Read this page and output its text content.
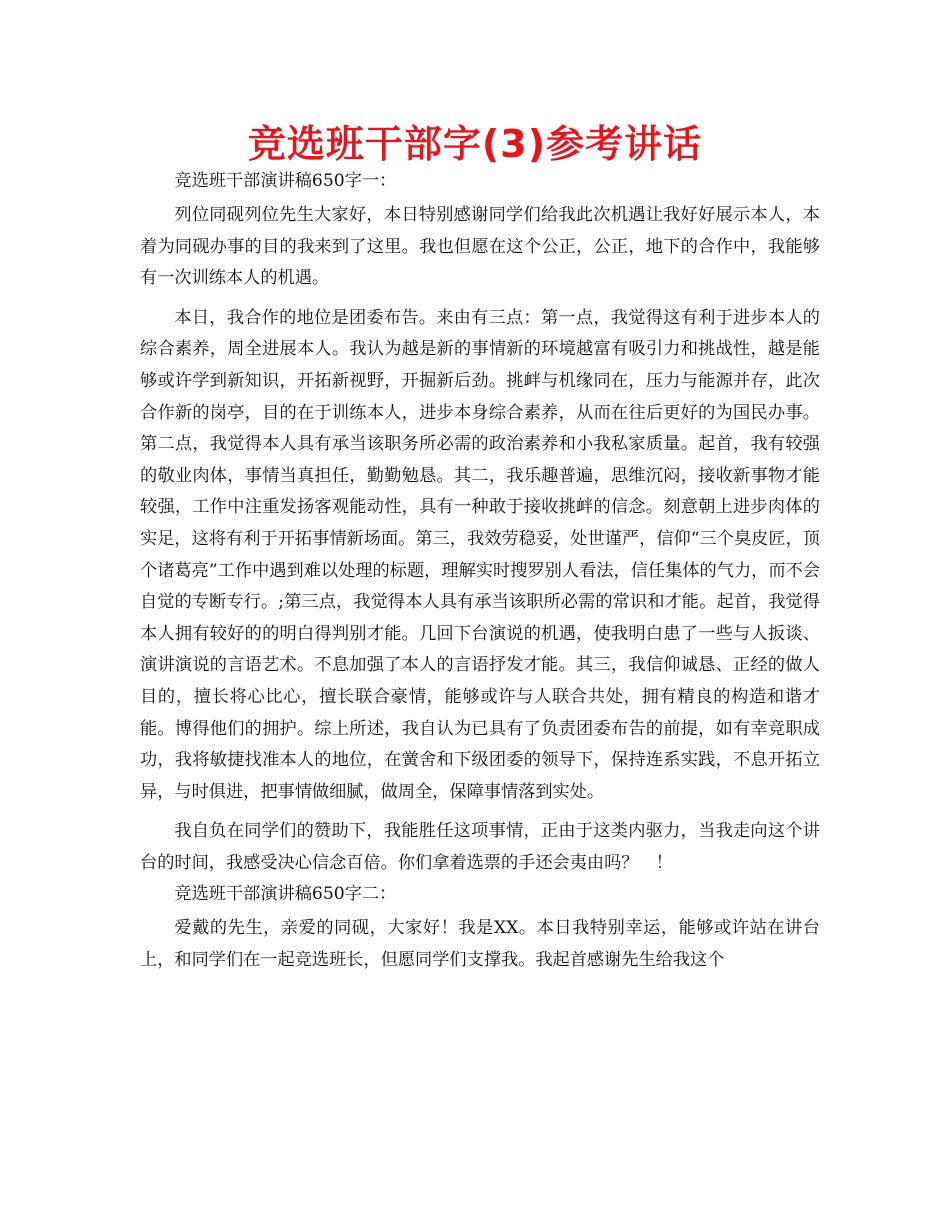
竞选班干部字(3)参考讲话

竞选班干部演讲稿650字一：

列位同砚列位先生大家好，本日特别感谢同学们给我此次机遇让我好好展示本人，本着为同砚办事的目的我来到了这里。我也但愿在这个公正，公正，地下的合作中，我能够有一次训练本人的机遇。

本日，我合作的地位是团委布告。来由有三点：第一点，我觉得这有利于进步本人的综合素养，周全进展本人。我认为越是新的事情新的环境越富有吸引力和挑战性，越是能够或许学到新知识，开拓新视野，开掘新后劲。挑衅与机缘同在，压力与能源并存，此次合作新的岗亭，目的在于训练本人，进步本身综合素养，从而在往后更好的为国民办事。第二点，我觉得本人具有承当该职务所必需的政治素养和小我私家质量。起首，我有较强的敬业肉体，事情当真担任，勤勤勉恳。其二，我乐趣普遍，思维沉闷，接收新事物才能较强，工作中注重发扬客观能动性，具有一种敢于接收挑衅的信念。刻意朝上进步肉体的实足，这将有利于开拓事情新场面。第三，我效劳稳妥，处世谨严，信仰“三个臭皮匠，顶个诸葛亮”工作中遇到难以处理的标题，理解实时搜罗别人看法，信任集体的气力，而不会自觉的专断专行。;第三点，我觉得本人具有承当该职所必需的常识和才能。起首，我觉得本人拥有较好的的明白得判别才能。几回下台演说的机遇，使我明白患了一些与人扳谈、演讲演说的言语艺术。不息加强了本人的言语抒发才能。其三，我信仰诚恳、正经的做人目的，擅长将心比心，擅长联合豪情，能够或许与人联合共处，拥有精良的构造和谐才能。博得他们的拥护。综上所述，我自认为已具有了负责团委布告的前提，如有幸竞职成功，我将敏捷找准本人的地位，在黉舍和下级团委的领导下，保持连系实践，不息开拓立异，与时俱进，把事情做细腻，做周全，保障事情落到实处。

我自负在同学们的赞助下，我能胜任这项事情，正由于这类内驱力，当我走向这个讲台的时间，我感受决心信念百倍。你们拿着选票的手还会夷由吗？　！

竞选班干部演讲稿650字二：

爱戴的先生，亲爱的同砚，大家好！我是XX。本日我特别幸运，能够或许站在讲台上，和同学们在一起竞选班长，但愿同学们支撑我。我起首感谢先生给我这个
